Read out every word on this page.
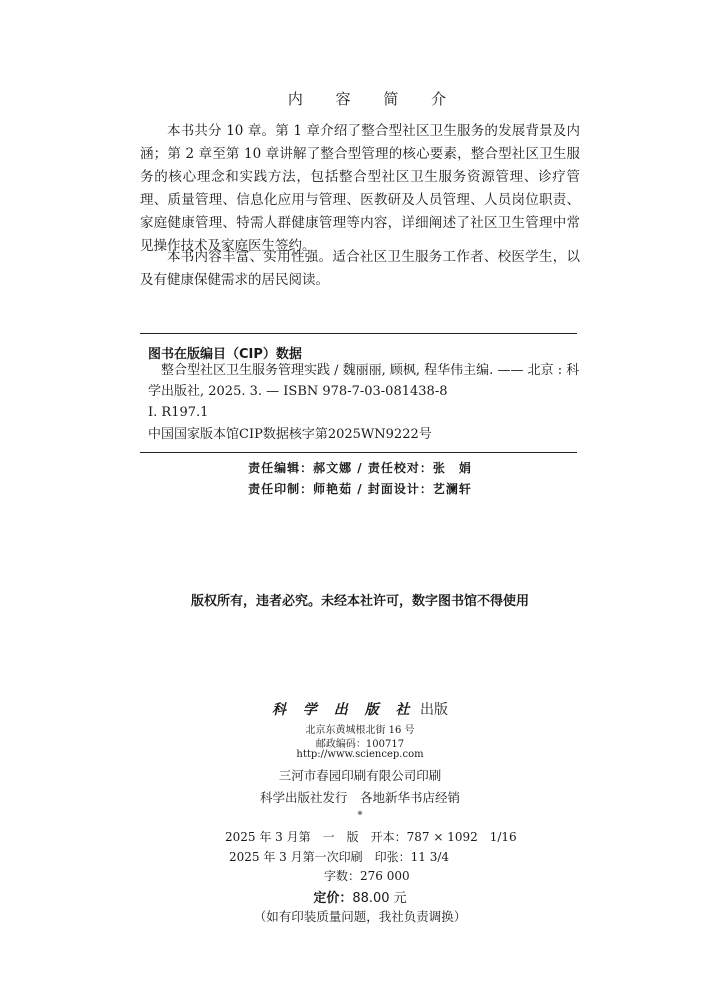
内 容 简 介

本书共分 10 章。第 1 章介绍了整合型社区卫生服务的发展背景及内涵；第 2 章至第 10 章讲解了整合型管理的核心要素，整合型社区卫生服务的核心理念和实践方法，包括整合型社区卫生服务资源管理、诊疗管理、质量管理、信息化应用与管理、医教研及人员管理、人员岗位职责、家庭健康管理、特需人群健康管理等内容，详细阐述了社区卫生管理中常见操作技术及家庭医生签约。

本书内容丰富、实用性强。适合社区卫生服务工作者、校医学生，以及有健康保健需求的居民阅读。

图书在版编目（CIP）数据

整合型社区卫生服务管理实践 / 魏丽丽, 顾枫, 程华伟主编. —— 北京 : 科

学出版社, 2025. 3. — ISBN 978-7-03-081438-8

Ⅰ. R197.1

中国国家版本馆CIP数据核字第2025WN9222号

责任编辑：郝文娜 / 责任校对：张　娟
责任印制：师艳茹 / 封面设计：艺澜轩
版权所有，违者必究。未经本社许可，数字图书馆不得使用
科 学 出 版 社 出版
北京东黄城根北街 16 号
邮政编码：100717
http://www.sciencep.com
三河市春园印刷有限公司印刷
科学出版社发行　各地新华书店经销
*
2025 年 3 月第　一　版　开本：787 × 1092　1/16
2025 年 3 月第一次印刷　印张：11 3/4
字数：276 000
定价：88.00 元
（如有印装质量问题，我社负责调换）
